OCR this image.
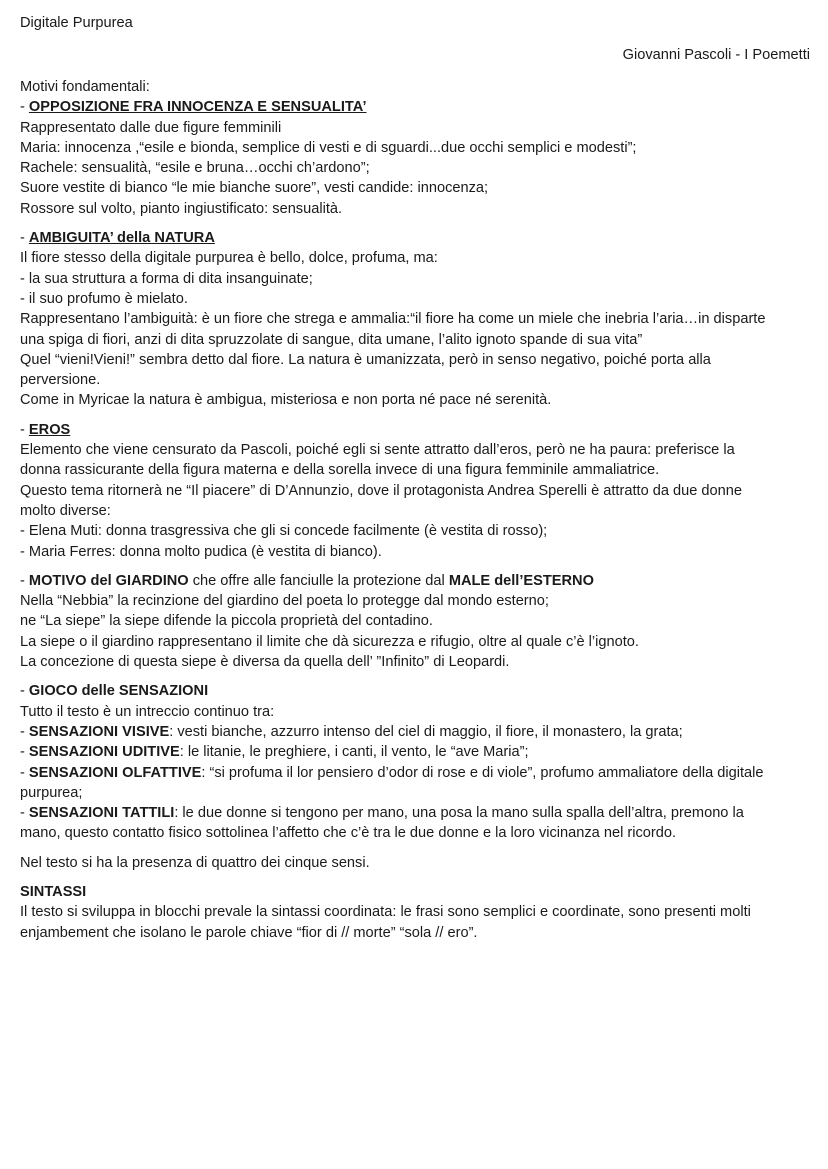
Digitale Purpurea
Giovanni Pascoli - I Poemetti
Motivi fondamentali:
- OPPOSIZIONE FRA INNOCENZA E SENSUALITA’
Rappresentato dalle due figure femminili
Maria: innocenza ,“esile e bionda, semplice di vesti e di sguardi...due occhi semplici e modesti”;
Rachele: sensualità, “esile e bruna…occhi ch’ardono”;
Suore vestite di bianco “le mie bianche suore”, vesti candide: innocenza;
Rossore sul volto, pianto ingiustificato: sensualità.
- AMBIGUITA’ della NATURA
Il fiore stesso della digitale purpurea è bello, dolce, profuma, ma:
- la sua struttura a forma di dita insanguinate;
- il suo profumo è mielato.
Rappresentano l’ambiguità: è un fiore che strega e ammalia:“il fiore ha come un miele che inebria l’aria…in disparte
una spiga di fiori, anzi di dita spruzzolate di sangue, dita umane, l’alito ignoto spande di sua vita”
Quel “vieni!Vieni!” sembra detto dal fiore. La natura è umanizzata, però in senso negativo, poiché porta alla
perversione.
Come in Myricae la natura è ambigua, misteriosa e non porta né pace né serenità.
- EROS
Elemento che viene censurato da Pascoli, poiché egli si sente attratto dall’eros, però ne ha paura: preferisce la
donna rassicurante della figura materna e della sorella invece di una figura femminile ammaliatrice.
Questo tema ritornerà ne “Il piacere” di D’Annunzio, dove il protagonista Andrea Sperelli è attratto da due donne
molto diverse:
- Elena Muti: donna trasgressiva che gli si concede facilmente (è vestita di rosso);
- Maria Ferres: donna molto pudica (è vestita di bianco).
- MOTIVO del GIARDINO che offre alle fanciulle la protezione dal MALE dell’ESTERNO
Nella “Nebbia” la recinzione del giardino del poeta lo protegge dal mondo esterno;
ne “La siepe” la siepe difende la piccola proprietà del contadino.
La siepe o il giardino rappresentano il limite che dà sicurezza e rifugio, oltre al quale c’è l’ignoto.
La concezione di questa siepe è diversa da quella dell’ ”Infinito” di Leopardi.
- GIOCO delle SENSAZIONI
Tutto il testo è un intreccio continuo tra:
- SENSAZIONI VISIVE: vesti bianche, azzurro intenso del ciel di maggio, il fiore, il monastero, la grata;
- SENSAZIONI UDITIVE: le litanie, le preghiere, i canti, il vento, le “ave Maria”;
- SENSAZIONI OLFATTIVE: “si profuma il lor pensiero d’odor di rose e di viole”, profumo ammaliatore della digitale
purpurea;
- SENSAZIONI TATTILI: le due donne si tengono per mano, una posa la mano sulla spalla dell’altra, premono la
mano, questo contatto fisico sottolinea l’affetto che c’è tra le due donne e la loro vicinanza nel ricordo.
Nel testo si ha la presenza di quattro dei cinque sensi.
SINTASSI
Il testo si sviluppa in blocchi prevale la sintassi coordinata: le frasi sono semplici e coordinate, sono presenti molti
enjambement che isolano le parole chiave “fior di // morte” “sola // ero”.
